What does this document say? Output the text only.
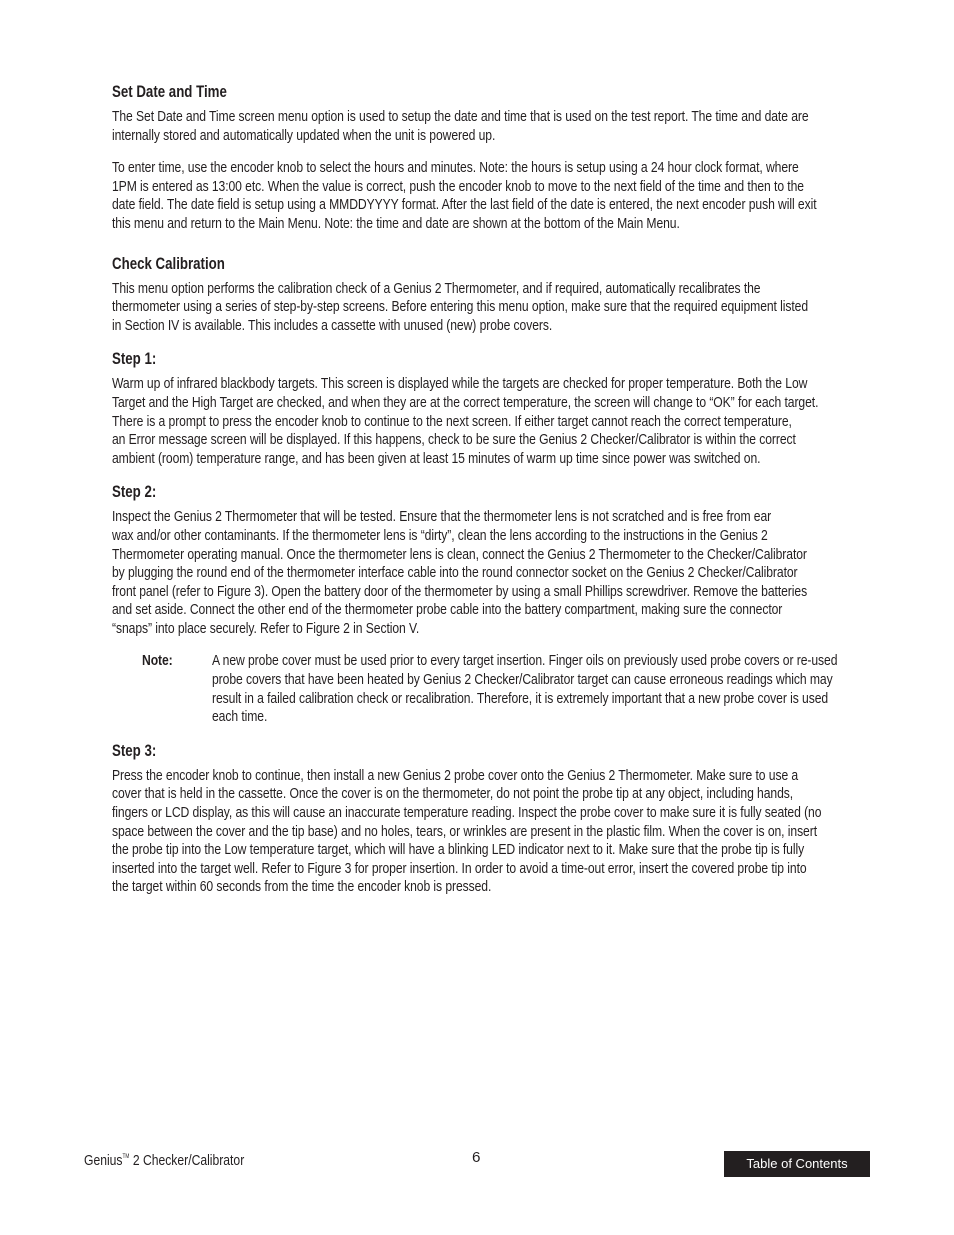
Set Date and Time
The Set Date and Time screen menu option is used to setup the date and time that is used on the test report. The time and date are
internally stored and automatically updated when the unit is powered up.
To enter time, use the encoder knob to select the hours and minutes. Note: the hours is setup using a 24 hour clock format, where
1PM is entered as 13:00 etc. When the value is correct, push the encoder knob to move to the next field of the time and then to the
date field. The date field is setup using a MMDDYYYY format. After the last field of the date is entered, the next encoder push will exit
this menu and return to the Main Menu. Note: the time and date are shown at the bottom of the Main Menu.
Check Calibration
This menu option performs the calibration check of a Genius 2 Thermometer, and if required, automatically recalibrates the
thermometer using a series of step-by-step screens. Before entering this menu option, make sure that the required equipment listed
in Section IV is available. This includes a cassette with unused (new) probe covers.
Step 1:
Warm up of infrared blackbody targets. This screen is displayed while the targets are checked for proper temperature. Both the Low
Target and the High Target are checked, and when they are at the correct temperature, the screen will change to “OK” for each target.
There is a prompt to press the encoder knob to continue to the next screen. If either target cannot reach the correct temperature,
an Error message screen will be displayed. If this happens, check to be sure the Genius 2 Checker/Calibrator is within the correct
ambient (room) temperature range, and has been given at least 15 minutes of warm up time since power was switched on.
Step 2:
Inspect the Genius 2 Thermometer that will be tested. Ensure that the thermometer lens is not scratched and is free from ear
wax and/or other contaminants. If the thermometer lens is “dirty”, clean the lens according to the instructions in the Genius 2
Thermometer operating manual. Once the thermometer lens is clean, connect the Genius 2 Thermometer to the Checker/Calibrator
by plugging the round end of the thermometer interface cable into the round connector socket on the Genius 2 Checker/Calibrator
front panel (refer to Figure 3). Open the battery door of the thermometer by using a small Phillips screwdriver. Remove the batteries
and set aside. Connect the other end of the thermometer probe cable into the battery compartment, making sure the connector
“snaps” into place securely. Refer to Figure 2 in Section V.
Note:	A new probe cover must be used prior to every target insertion. Finger oils on previously used probe covers or re-used
probe covers that have been heated by Genius 2 Checker/Calibrator target can cause erroneous readings which may
result in a failed calibration check or recalibration. Therefore, it is extremely important that a new probe cover is used
each time.
Step 3:
Press the encoder knob to continue, then install a new Genius 2 probe cover onto the Genius 2 Thermometer. Make sure to use a
cover that is held in the cassette. Once the cover is on the thermometer, do not point the probe tip at any object, including hands,
fingers or LCD display, as this will cause an inaccurate temperature reading. Inspect the probe cover to make sure it is fully seated (no
space between the cover and the tip base) and no holes, tears, or wrinkles are present in the plastic film. When the cover is on, insert
the probe tip into the Low temperature target, which will have a blinking LED indicator next to it. Make sure that the probe tip is fully
inserted into the target well. Refer to Figure 3 for proper insertion. In order to avoid a time-out error, insert the covered probe tip into
the target within 60 seconds from the time the encoder knob is pressed.
Genius™ 2 Checker/Calibrator	6	Table of Contents
